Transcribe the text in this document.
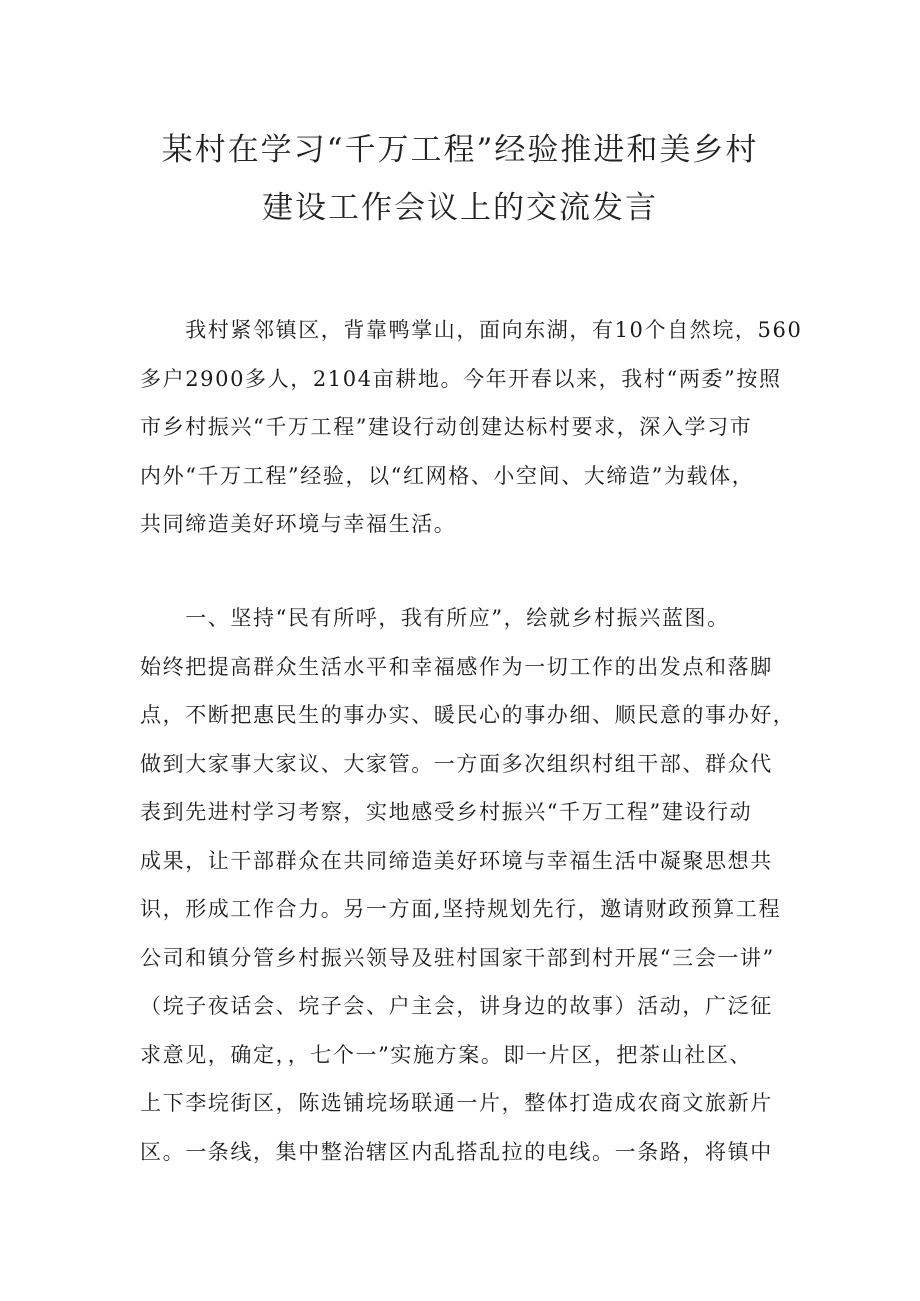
某村在学习“千万工程”经验推进和美乡村
建设工作会议上的交流发言
　　我村紧邻镇区，背靠鸭掌山，面向东湖，有10个自然垸，560
多户2900多人，2104亩耕地。今年开春以来，我村“两委”按照
市乡村振兴“千万工程”建设行动创建达标村要求，深入学习市
内外“千万工程”经验，以“红网格、小空间、大缔造”为载体，
共同缔造美好环境与幸福生活。
　　一、坚持“民有所呼，我有所应”，绘就乡村振兴蓝图。
始终把提高群众生活水平和幸福感作为一切工作的出发点和落脚
点，不断把惠民生的事办实、暖民心的事办细、顺民意的事办好，
做到大家事大家议、大家管。一方面多次组织村组干部、群众代
表到先进村学习考察，实地感受乡村振兴“千万工程”建设行动
成果，让干部群众在共同缔造美好环境与幸福生活中凝聚思想共
识，形成工作合力。另一方面,坚持规划先行，邀请财政预算工程
公司和镇分管乡村振兴领导及驻村国家干部到村开展“三会一讲”
（垸子夜话会、垸子会、户主会，讲身边的故事）活动，广泛征
求意见，确定，，七个一”实施方案。即一片区，把茶山社区、
上下李垸街区，陈选铺垸场联通一片，整体打造成农商文旅新片
区。一条线，集中整治辖区内乱搭乱拉的电线。一条路，将镇中
